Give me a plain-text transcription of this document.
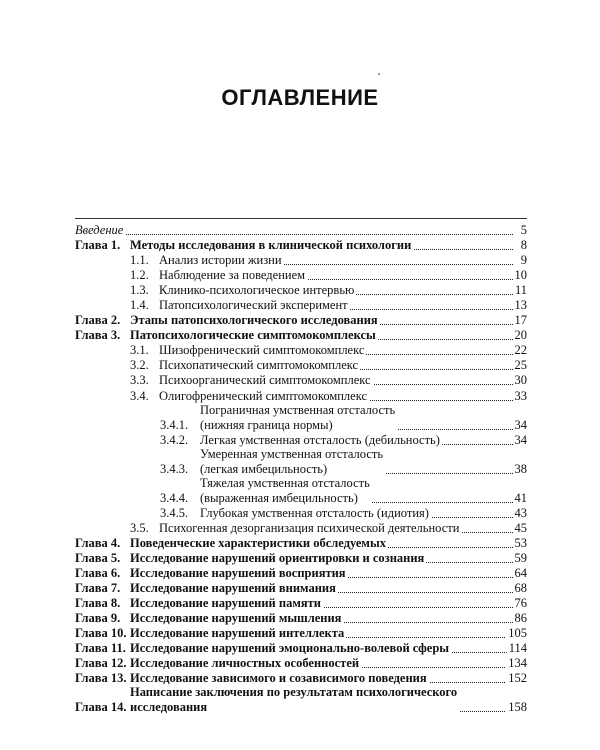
ОГЛАВЛЕНИЕ
Введение	5
Глава 1. Методы исследования в клинической психологии	8
1.1. Анализ истории жизни	9
1.2. Наблюдение за поведением	10
1.3. Клинико-психологическое интервью	11
1.4. Патопсихологический эксперимент	13
Глава 2. Этапы патопсихологического исследования	17
Глава 3. Патопсихологические симптомокомплексы	20
3.1. Шизофренический симптомокомплекс	22
3.2. Психопатический симптомокомплекс	25
3.3. Психоорганический симптомокомплекс	30
3.4. Олигофренический симптомокомплекс	33
3.4.1.
Пограничная умственная отсталость
(нижняя граница нормы)	34
3.4.2. Легкая умственная отсталость (дебильность)	34
3.4.3.
Умеренная умственная отсталость
(легкая имбецильность)	38
3.4.4.
Тяжелая умственная отсталость
(выраженная имбецильность)	41
3.4.5. Глубокая умственная отсталость (идиотия)	43
3.5. Психогенная дезорганизация психической деятельности	45
Глава 4. Поведенческие характеристики обследуемых	53
Глава 5. Исследование нарушений ориентировки и сознания	59
Глава 6. Исследование нарушений восприятия	64
Глава 7. Исследование нарушений внимания	68
Глава 8. Исследование нарушений памяти	76
Глава 9. Исследование нарушений мышления	86
Глава 10. Исследование нарушений интеллекта	105
Глава 11. Исследование нарушений эмоционально-волевой сферы	114
Глава 12. Исследование личностных особенностей	134
Глава 13. Исследование зависимого и созависимого поведения	152
Глава 14.
Написание заключения по результатам психологического
исследования	158
